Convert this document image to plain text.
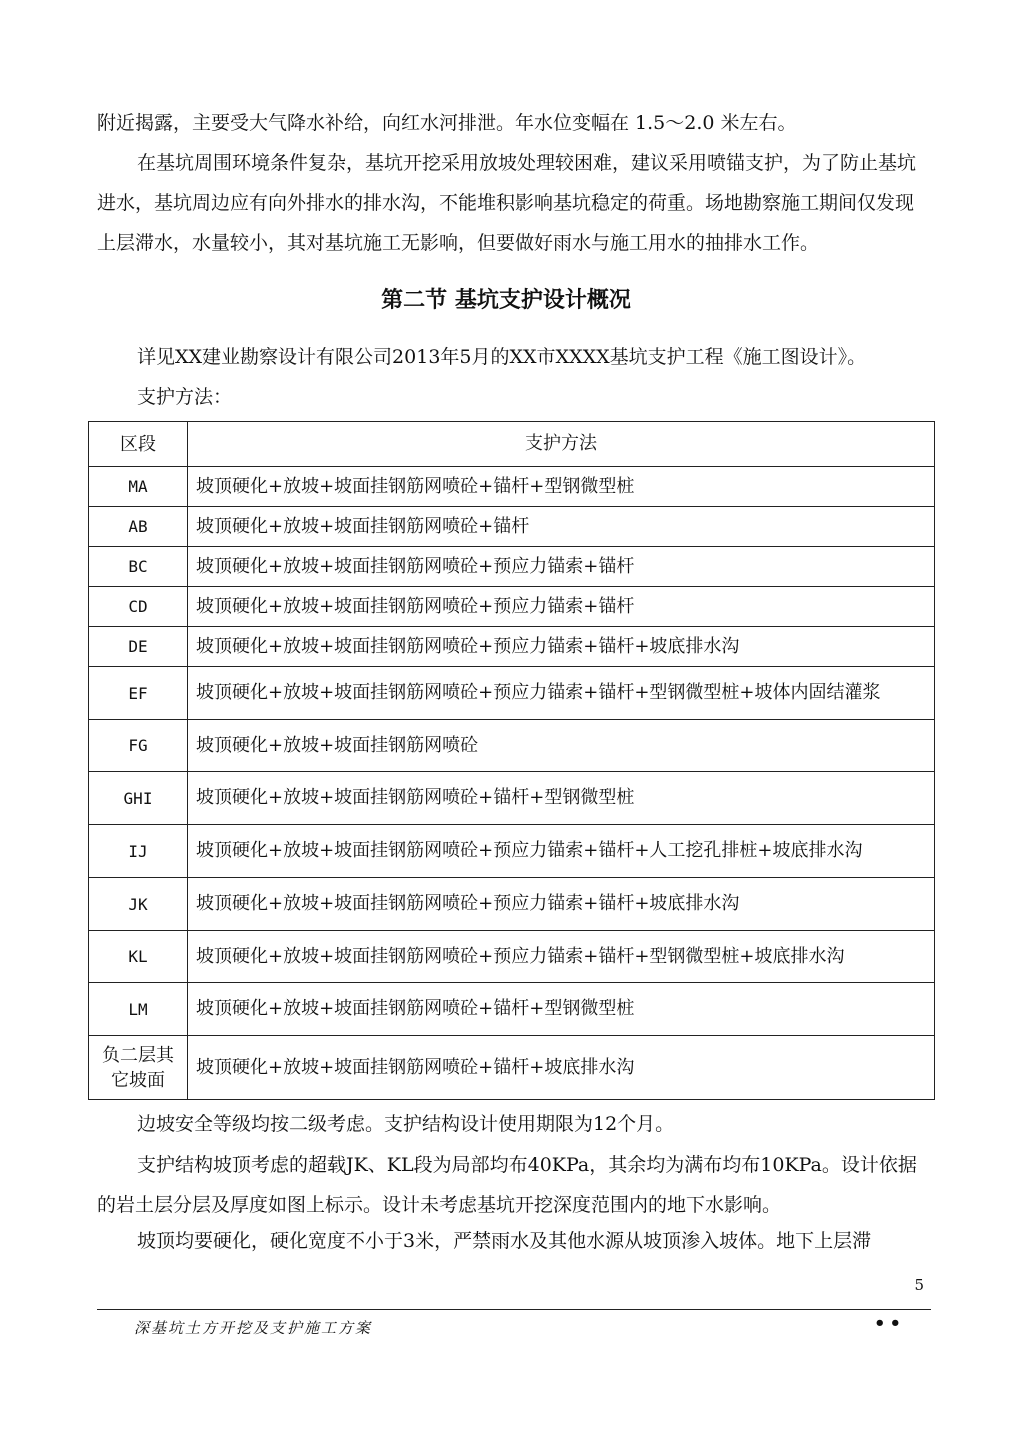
附近揭露，主要受大气降水补给，向红水河排泄。年水位变幅在 1.5～2.0 米左右。

在基坑周围环境条件复杂，基坑开挖采用放坡处理较困难，建议采用喷锚支护，为了防止基坑进水，基坑周边应有向外排水的排水沟，不能堆积影响基坑稳定的荷重。场地勘察施工期间仅发现上层滞水，水量较小，其对基坑施工无影响，但要做好雨水与施工用水的抽排水工作。

第二节 基坑支护设计概况

详见XX建业勘察设计有限公司2013年5月的XX市XXXX基坑支护工程《施工图设计》。

支护方法：

区段	支护方法
MA	坡顶硬化+放坡+坡面挂钢筋网喷砼+锚杆+型钢微型桩
AB	坡顶硬化+放坡+坡面挂钢筋网喷砼+锚杆
BC	坡顶硬化+放坡+坡面挂钢筋网喷砼+预应力锚索+锚杆
CD	坡顶硬化+放坡+坡面挂钢筋网喷砼+预应力锚索+锚杆
DE	坡顶硬化+放坡+坡面挂钢筋网喷砼+预应力锚索+锚杆+坡底排水沟
EF	坡顶硬化+放坡+坡面挂钢筋网喷砼+预应力锚索+锚杆+型钢微型桩+坡体内固结灌浆
FG	坡顶硬化+放坡+坡面挂钢筋网喷砼
GHI	坡顶硬化+放坡+坡面挂钢筋网喷砼+锚杆+型钢微型桩
IJ	坡顶硬化+放坡+坡面挂钢筋网喷砼+预应力锚索+锚杆+人工挖孔排桩+坡底排水沟
JK	坡顶硬化+放坡+坡面挂钢筋网喷砼+预应力锚索+锚杆+坡底排水沟
KL	坡顶硬化+放坡+坡面挂钢筋网喷砼+预应力锚索+锚杆+型钢微型桩+坡底排水沟
LM	坡顶硬化+放坡+坡面挂钢筋网喷砼+锚杆+型钢微型桩
负二层其它坡面	坡顶硬化+放坡+坡面挂钢筋网喷砼+锚杆+坡底排水沟

边坡安全等级均按二级考虑。支护结构设计使用期限为12个月。

支护结构坡顶考虑的超载JK、KL段为局部均布40KPa，其余均为满布均布10KPa。设计依据的岩土层分层及厚度如图上标示。设计未考虑基坑开挖深度范围内的地下水影响。

坡顶均要硬化，硬化宽度不小于3米，严禁雨水及其他水源从坡顶渗入坡体。地下上层滞

5
深基坑土方开挖及支护施工方案	••
